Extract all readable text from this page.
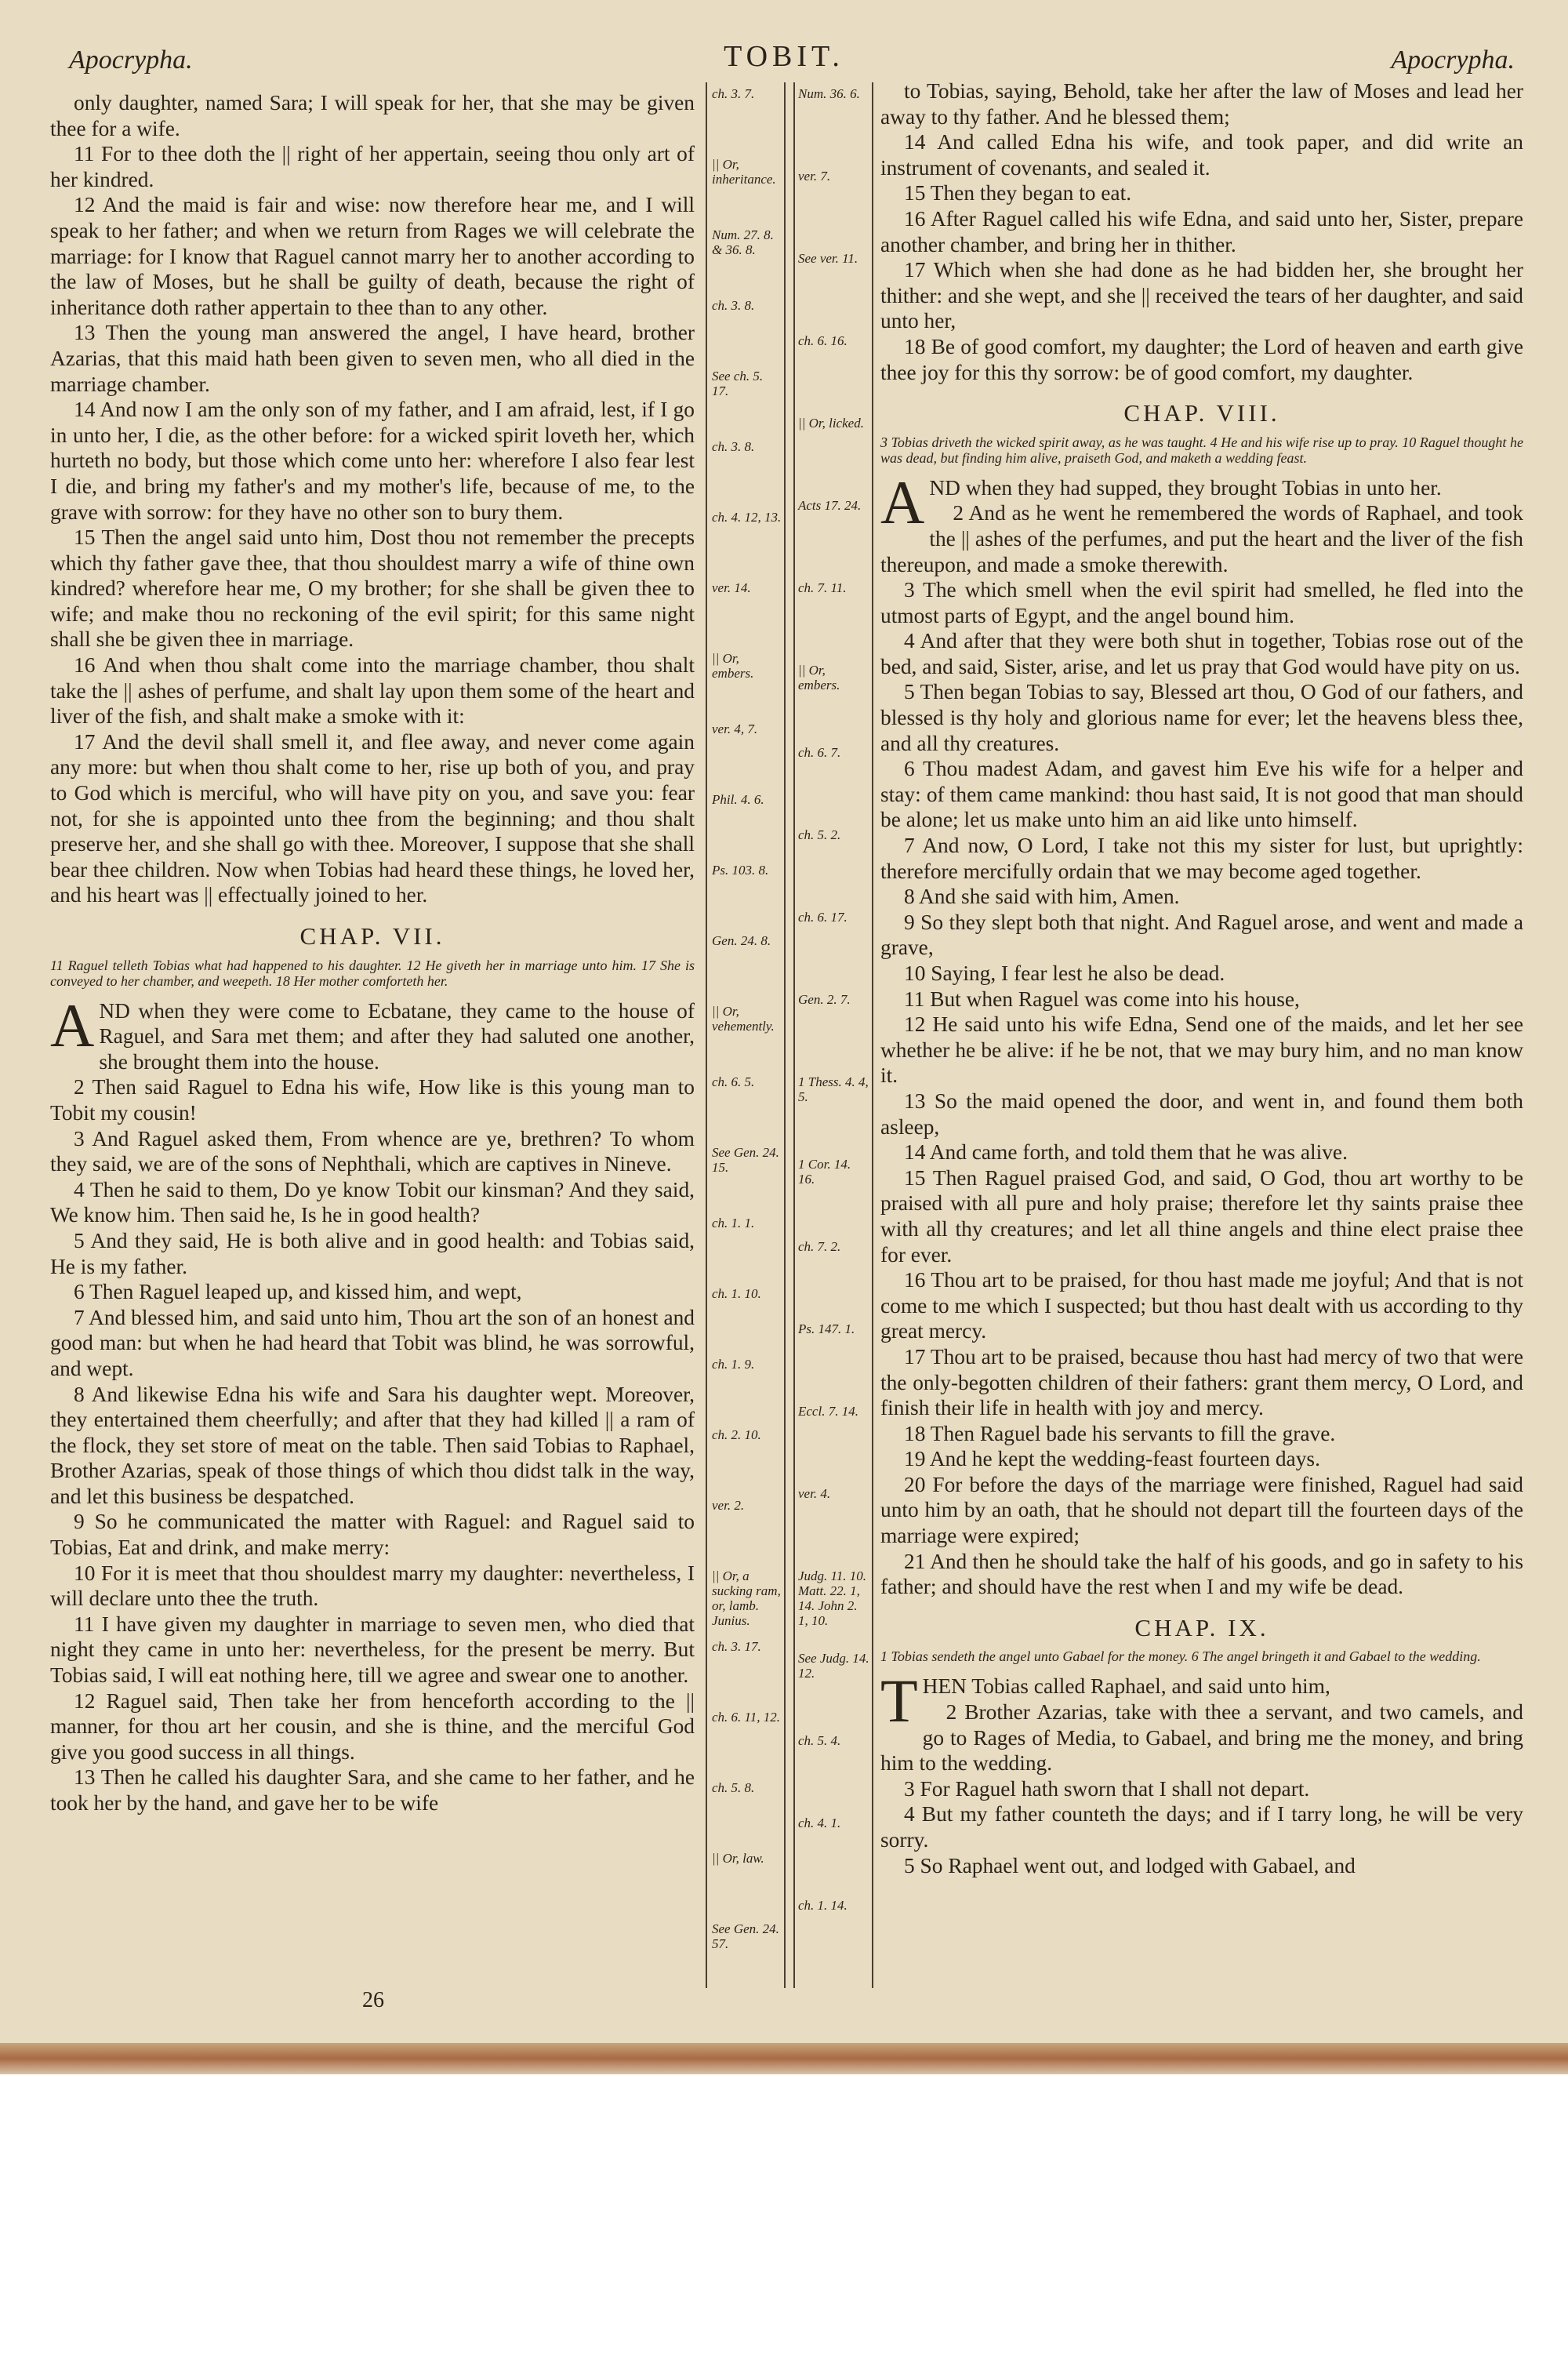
Apocrypha.	TOBIT.	Apocrypha.

only daughter, named Sara; I will speak for her, that she may be given thee for a wife.

11 For to thee doth the || right of her appertain, seeing thou only art of her kindred.

12 And the maid is fair and wise: now therefore hear me, and I will speak to her father; and when we return from Rages we will celebrate the marriage: for I know that Raguel cannot marry her to another according to the law of Moses, but he shall be guilty of death, because the right of inheritance doth rather appertain to thee than to any other.

13 Then the young man answered the angel, I have heard, brother Azarias, that this maid hath been given to seven men, who all died in the marriage chamber.

14 And now I am the only son of my father, and I am afraid, lest, if I go in unto her, I die, as the other before: for a wicked spirit loveth her, which hurteth no body, but those which come unto her: wherefore I also fear lest I die, and bring my father's and my mother's life, because of me, to the grave with sorrow: for they have no other son to bury them.

15 Then the angel said unto him, Dost thou not remember the precepts which thy father gave thee, that thou shouldest marry a wife of thine own kindred? wherefore hear me, O my brother; for she shall be given thee to wife; and make thou no reckoning of the evil spirit; for this same night shall she be given thee in marriage.

16 And when thou shalt come into the marriage chamber, thou shalt take the || ashes of perfume, and shalt lay upon them some of the heart and liver of the fish, and shalt make a smoke with it:

17 And the devil shall smell it, and flee away, and never come again any more: but when thou shalt come to her, rise up both of you, and pray to God which is merciful, who will have pity on you, and save you: fear not, for she is appointed unto thee from the beginning; and thou shalt preserve her, and she shall go with thee. Moreover, I suppose that she shall bear thee children. Now when Tobias had heard these things, he loved her, and his heart was || effectually joined to her.

CHAP. VII.

11 Raguel telleth Tobias what had happened to his daughter. 12 He giveth her in marriage unto him. 17 She is conveyed to her chamber, and weepeth. 18 Her mother comforteth her.

AND when they were come to Ecbatane, they came to the house of Raguel, and Sara met them; and after they had saluted one another, she brought them into the house.

2 Then said Raguel to Edna his wife, How like is this young man to Tobit my cousin!

3 And Raguel asked them, From whence are ye, brethren? To whom they said, we are of the sons of Nephthali, which are captives in Nineve.

4 Then he said to them, Do ye know Tobit our kinsman? And they said, We know him. Then said he, Is he in good health?

5 And they said, He is both alive and in good health: and Tobias said, He is my father.

6 Then Raguel leaped up, and kissed him, and wept,

7 And blessed him, and said unto him, Thou art the son of an honest and good man: but when he had heard that Tobit was blind, he was sorrowful, and wept.

8 And likewise Edna his wife and Sara his daughter wept. Moreover, they entertained them cheerfully; and after that they had killed || a ram of the flock, they set store of meat on the table. Then said Tobias to Raphael, Brother Azarias, speak of those things of which thou didst talk in the way, and let this business be despatched.

9 So he communicated the matter with Raguel: and Raguel said to Tobias, Eat and drink, and make merry:

10 For it is meet that thou shouldest marry my daughter: nevertheless, I will declare unto thee the truth.

11 I have given my daughter in marriage to seven men, who died that night they came in unto her: nevertheless, for the present be merry. But Tobias said, I will eat nothing here, till we agree and swear one to another.

12 Raguel said, Then take her from henceforth according to the || manner, for thou art her cousin, and she is thine, and the merciful God give you good success in all things.

13 Then he called his daughter Sara, and she came to her father, and he took her by the hand, and gave her to be wife

ch. 3. 7.
|| Or, inheritance.
Num. 27. 8. & 36. 8.
ch. 3. 8.
See ch. 5. 17.
ch. 3. 8.
ch. 4. 12, 13.
ver. 14.
|| Or, embers.
ver. 4, 7.
Phil. 4. 6.
Ps. 103. 8.
Gen. 24. 8.
|| Or, vehemently.
ch. 6. 5.
See Gen. 24. 15.
ch. 1. 1.
ch. 1. 10.
ch. 1. 9.
ch. 2. 10.
ver. 2.
|| Or, a sucking ram, or, lamb. Junius.
ch. 3. 17.
ch. 6. 11, 12.
ch. 5. 8.
|| Or, law.
See Gen. 24. 57.
Num. 36. 6.
ver. 7.
See ver. 11.
ch. 6. 16.
|| Or, licked.
Acts 17. 24.
ch. 7. 11.
|| Or, embers.
ch. 6. 7.
ch. 5. 2.
ch. 6. 17.
Gen. 2. 7.
1 Thess. 4. 4, 5.
1 Cor. 14. 16.
ch. 7. 2.
Ps. 147. 1.
Eccl. 7. 14.
ver. 4.
Judg. 11. 10. Matt. 22. 1, 14. John 2. 1, 10.
See Judg. 14. 12.
ch. 5. 4.
ch. 4. 1.
ch. 1. 14.

to Tobias, saying, Behold, take her after the law of Moses and lead her away to thy father. And he blessed them;

14 And called Edna his wife, and took paper, and did write an instrument of covenants, and sealed it.

15 Then they began to eat.

16 After Raguel called his wife Edna, and said unto her, Sister, prepare another chamber, and bring her in thither.

17 Which when she had done as he had bidden her, she brought her thither: and she wept, and she || received the tears of her daughter, and said unto her,

18 Be of good comfort, my daughter; the Lord of heaven and earth give thee joy for this thy sorrow: be of good comfort, my daughter.

CHAP. VIII.

3 Tobias driveth the wicked spirit away, as he was taught. 4 He and his wife rise up to pray. 10 Raguel thought he was dead, but finding him alive, praiseth God, and maketh a wedding feast.

AND when they had supped, they brought Tobias in unto her.

2 And as he went he remembered the words of Raphael, and took the || ashes of the perfumes, and put the heart and the liver of the fish thereupon, and made a smoke therewith.

3 The which smell when the evil spirit had smelled, he fled into the utmost parts of Egypt, and the angel bound him.

4 And after that they were both shut in together, Tobias rose out of the bed, and said, Sister, arise, and let us pray that God would have pity on us.

5 Then began Tobias to say, Blessed art thou, O God of our fathers, and blessed is thy holy and glorious name for ever; let the heavens bless thee, and all thy creatures.

6 Thou madest Adam, and gavest him Eve his wife for a helper and stay: of them came mankind: thou hast said, It is not good that man should be alone; let us make unto him an aid like unto himself.

7 And now, O Lord, I take not this my sister for lust, but uprightly: therefore mercifully ordain that we may become aged together.

8 And she said with him, Amen.

9 So they slept both that night. And Raguel arose, and went and made a grave,

10 Saying, I fear lest he also be dead.

11 But when Raguel was come into his house,

12 He said unto his wife Edna, Send one of the maids, and let her see whether he be alive: if he be not, that we may bury him, and no man know it.

13 So the maid opened the door, and went in, and found them both asleep,

14 And came forth, and told them that he was alive.

15 Then Raguel praised God, and said, O God, thou art worthy to be praised with all pure and holy praise; therefore let thy saints praise thee with all thy creatures; and let all thine angels and thine elect praise thee for ever.

16 Thou art to be praised, for thou hast made me joyful; And that is not come to me which I suspected; but thou hast dealt with us according to thy great mercy.

17 Thou art to be praised, because thou hast had mercy of two that were the only-begotten children of their fathers: grant them mercy, O Lord, and finish their life in health with joy and mercy.

18 Then Raguel bade his servants to fill the grave.

19 And he kept the wedding-feast fourteen days.

20 For before the days of the marriage were finished, Raguel had said unto him by an oath, that he should not depart till the fourteen days of the marriage were expired;

21 And then he should take the half of his goods, and go in safety to his father; and should have the rest when I and my wife be dead.

CHAP. IX.

1 Tobias sendeth the angel unto Gabael for the money. 6 The angel bringeth it and Gabael to the wedding.

THEN Tobias called Raphael, and said unto him,

2 Brother Azarias, take with thee a servant, and two camels, and go to Rages of Media, to Gabael, and bring me the money, and bring him to the wedding.

3 For Raguel hath sworn that I shall not depart.

4 But my father counteth the days; and if I tarry long, he will be very sorry.

5 So Raphael went out, and lodged with Gabael, and

26
